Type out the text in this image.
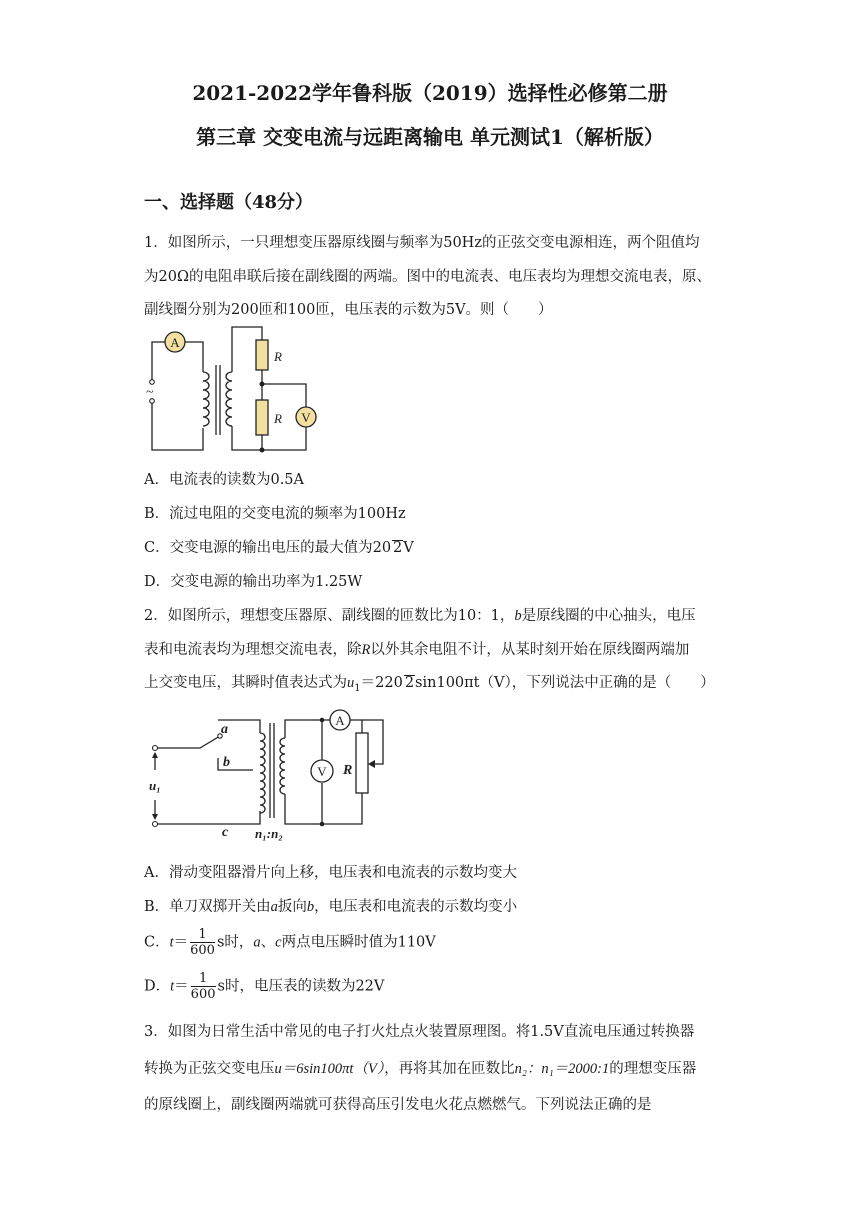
2021-2022学年鲁科版（2019）选择性必修第二册
第三章 交变电流与远距离输电 单元测试1（解析版）
一、选择题（48分）
1．如图所示，一只理想变压器原线圈与频率为50Hz的正弦交变电源相连，两个阻值均
为20Ω的电阻串联后接在副线圈的两端。图中的电流表、电压表均为理想交流电表，原、
副线圈分别为200匝和100匝，电压表的示数为5V。则（　　）
~
A
V
R
R
A．电流表的读数为0.5A
B．流过电阻的交变电流的频率为100Hz
C．交变电源的输出电压的最大值为20 2V
D．交变电源的输出功率为1.25W
2．如图所示，理想变压器原、副线圈的匝数比为10：1，b是原线圈的中心抽头，电压
表和电流表均为理想交流电表，除R以外其余电阻不计，从某时刻开始在原线圈两端加
上交变电压，其瞬时值表达式为$u_1=220$ 2sin100πt（V），下列说法中正确的是（　　）
A
V
a
b
c
u₁
R
n₁:n₂
A．滑动变阻器滑片向上移，电压表和电流表的示数均变大
B．单刀双掷开关由a扳向b，电压表和电流表的示数均变小
C．$t= \frac{1}{600}$ s时，a、c两点电压瞬时值为110V
D．$t= \frac{1}{600}$ s时，电压表的读数为22V
3．如图为日常生活中常见的电子打火灶点火装置原理图。将1.5V直流电压通过转换器
转换为正弦交变电压u＝6sin100πt（V），再将其加在匝数比n₂：n₁＝2000:1的理想变压器
的原线圈上，副线圈两端就可获得高压引发电火花点燃燃气。下列说法正确的是
